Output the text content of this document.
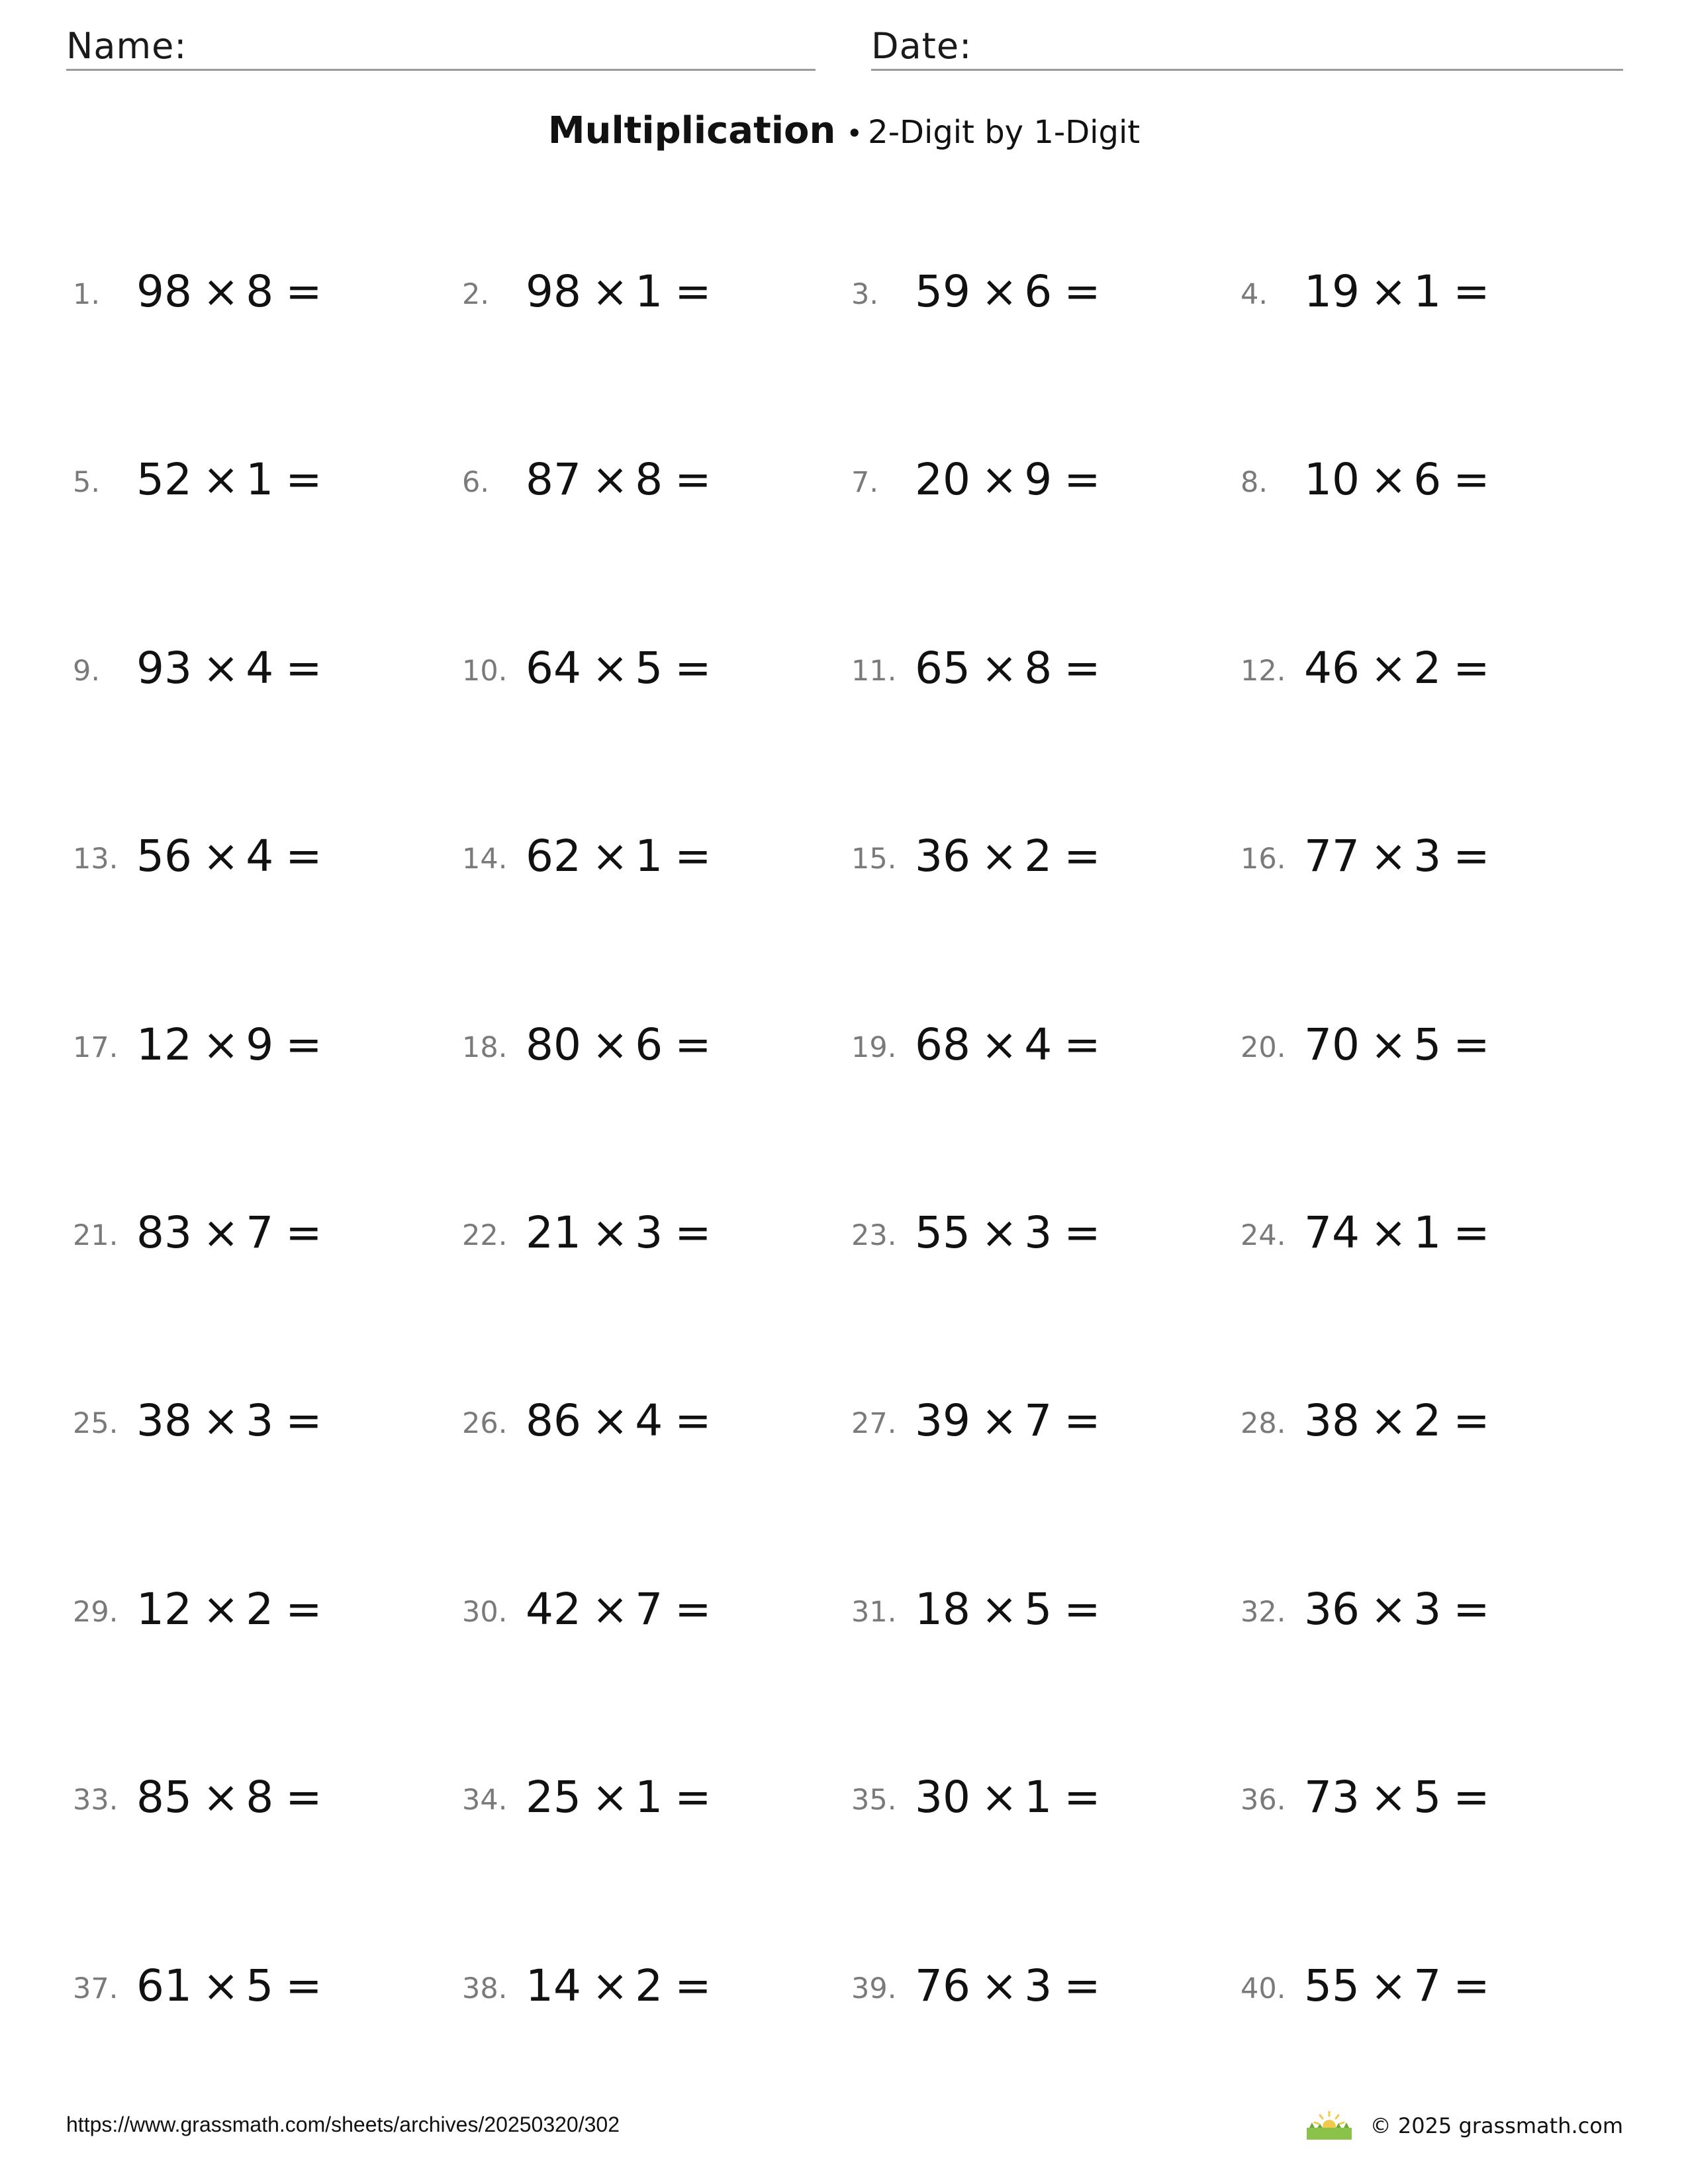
Name:	Date:
Multiplication • 2-Digit by 1-Digit
1. 98 × 8 =	2. 98 × 1 =	3. 59 × 6 =	4. 19 × 1 =
5. 52 × 1 =	6. 87 × 8 =	7. 20 × 9 =	8. 10 × 6 =
9. 93 × 4 =	10. 64 × 5 =	11. 65 × 8 =	12. 46 × 2 =
13. 56 × 4 =	14. 62 × 1 =	15. 36 × 2 =	16. 77 × 3 =
17. 12 × 9 =	18. 80 × 6 =	19. 68 × 4 =	20. 70 × 5 =
21. 83 × 7 =	22. 21 × 3 =	23. 55 × 3 =	24. 74 × 1 =
25. 38 × 3 =	26. 86 × 4 =	27. 39 × 7 =	28. 38 × 2 =
29. 12 × 2 =	30. 42 × 7 =	31. 18 × 5 =	32. 36 × 3 =
33. 85 × 8 =	34. 25 × 1 =	35. 30 × 1 =	36. 73 × 5 =
37. 61 × 5 =	38. 14 × 2 =	39. 76 × 3 =	40. 55 × 7 =
https://www.grassmath.com/sheets/archives/20250320/302	© 2025 grassmath.com
